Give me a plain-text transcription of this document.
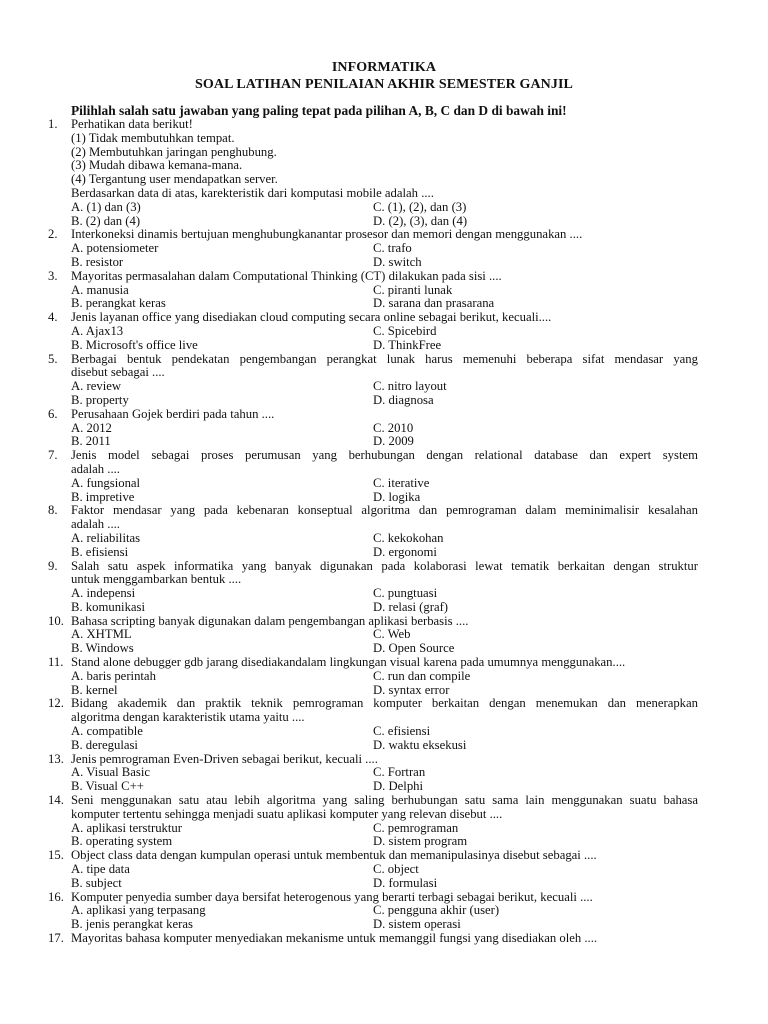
INFORMATIKA
SOAL LATIHAN PENILAIAN AKHIR SEMESTER GANJIL
Pilihlah salah satu jawaban yang paling tepat pada pilihan A, B, C dan D di bawah ini!
1. Perhatikan data berikut!
(1) Tidak membutuhkan tempat.
(2) Membutuhkan jaringan penghubung.
(3) Mudah dibawa kemana-mana.
(4) Tergantung user mendapatkan server.
Berdasarkan data di atas, karekteristik dari komputasi mobile adalah ....
A. (1) dan (3)	C. (1), (2), dan (3)
B. (2) dan (4)	D. (2), (3), dan (4)
2. Interkoneksi dinamis bertujuan menghubungkanantar prosesor dan memori dengan menggunakan ....
A. potensiometer	C. trafo
B. resistor	D. switch
3. Mayoritas permasalahan dalam Computational Thinking (CT) dilakukan pada sisi ....
A. manusia	C. piranti lunak
B. perangkat keras	D. sarana dan prasarana
4. Jenis layanan office yang disediakan cloud computing secara online sebagai berikut, kecuali....
A. Ajax13	C. Spicebird
B. Microsoft's office live	D. ThinkFree
5. Berbagai bentuk pendekatan pengembangan perangkat lunak harus memenuhi beberapa sifat mendasar yang
disebut sebagai ....
A. review	C. nitro layout
B. property	D. diagnosa
6. Perusahaan Gojek berdiri pada tahun ....
A. 2012	C. 2010
B. 2011	D. 2009
7. Jenis model sebagai proses perumusan yang berhubungan dengan relational database dan expert system
adalah ....
A. fungsional	C. iterative
B. impretive	D. logika
8. Faktor mendasar yang pada kebenaran konseptual algoritma dan pemrograman dalam meminimalisir kesalahan
adalah ....
A. reliabilitas	C. kekokohan
B. efisiensi	D. ergonomi
9. Salah satu aspek informatika yang banyak digunakan pada kolaborasi lewat tematik berkaitan dengan struktur
untuk menggambarkan bentuk ....
A. indepensi	C. pungtuasi
B. komunikasi	D. relasi (graf)
10. Bahasa scripting banyak digunakan dalam pengembangan aplikasi berbasis ....
A. XHTML	C. Web
B. Windows	D. Open Source
11. Stand alone debugger gdb jarang disediakandalam lingkungan visual karena pada umumnya menggunakan....
A. baris perintah	C. run dan compile
B. kernel	D. syntax error
12. Bidang akademik dan praktik teknik pemrograman komputer berkaitan dengan menemukan dan menerapkan
algoritma dengan karakteristik utama yaitu ....
A. compatible	C. efisiensi
B. deregulasi	D. waktu eksekusi
13. Jenis pemrograman Even-Driven sebagai berikut, kecuali ....
A. Visual Basic	C. Fortran
B. Visual C++	D. Delphi
14. Seni menggunakan satu atau lebih algoritma yang saling berhubungan satu sama lain menggunakan suatu bahasa
komputer tertentu sehingga menjadi suatu aplikasi komputer yang relevan disebut ....
A. aplikasi terstruktur	C. pemrograman
B. operating system	D. sistem program
15. Object class data dengan kumpulan operasi untuk membentuk dan memanipulasinya disebut sebagai ....
A. tipe data	C. object
B. subject	D. formulasi
16. Komputer penyedia sumber daya bersifat heterogenous yang berarti terbagi sebagai berikut, kecuali ....
A. aplikasi yang terpasang	C. pengguna akhir (user)
B. jenis perangkat keras	D. sistem operasi
17. Mayoritas bahasa komputer menyediakan mekanisme untuk memanggil fungsi yang disediakan oleh ....
